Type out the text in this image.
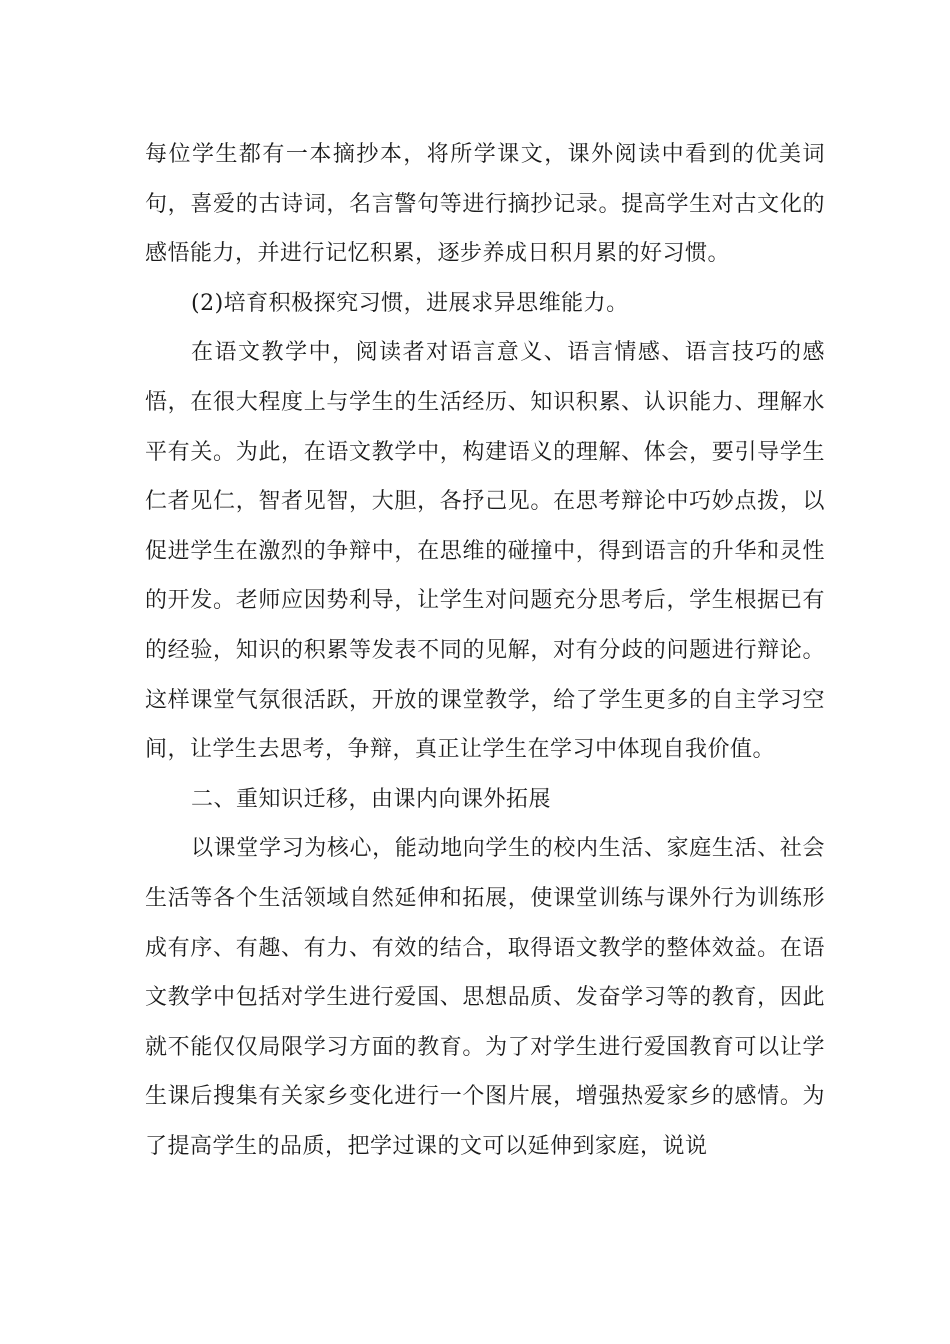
每位学生都有一本摘抄本，将所学课文，课外阅读中看到的优美词句，喜爱的古诗词，名言警句等进行摘抄记录。提高学生对古文化的感悟能力，并进行记忆积累，逐步养成日积月累的好习惯。

(2)培育积极探究习惯，进展求异思维能力。

在语文教学中，阅读者对语言意义、语言情感、语言技巧的感悟，在很大程度上与学生的生活经历、知识积累、认识能力、理解水平有关。为此，在语文教学中，构建语义的理解、体会，要引导学生仁者见仁，智者见智，大胆，各抒己见。在思考辩论中巧妙点拨，以促进学生在激烈的争辩中，在思维的碰撞中，得到语言的升华和灵性的开发。老师应因势利导，让学生对问题充分思考后，学生根据已有的经验，知识的积累等发表不同的见解，对有分歧的问题进行辩论。这样课堂气氛很活跃，开放的课堂教学，给了学生更多的自主学习空间，让学生去思考，争辩，真正让学生在学习中体现自我价值。

二、重知识迁移，由课内向课外拓展

以课堂学习为核心，能动地向学生的校内生活、家庭生活、社会生活等各个生活领域自然延伸和拓展，使课堂训练与课外行为训练形成有序、有趣、有力、有效的结合，取得语文教学的整体效益。在语文教学中包括对学生进行爱国、思想品质、发奋学习等的教育，因此就不能仅仅局限学习方面的教育。为了对学生进行爱国教育可以让学生课后搜集有关家乡变化进行一个图片展，增强热爱家乡的感情。为了提高学生的品质，把学过课的文可以延伸到家庭，说说
